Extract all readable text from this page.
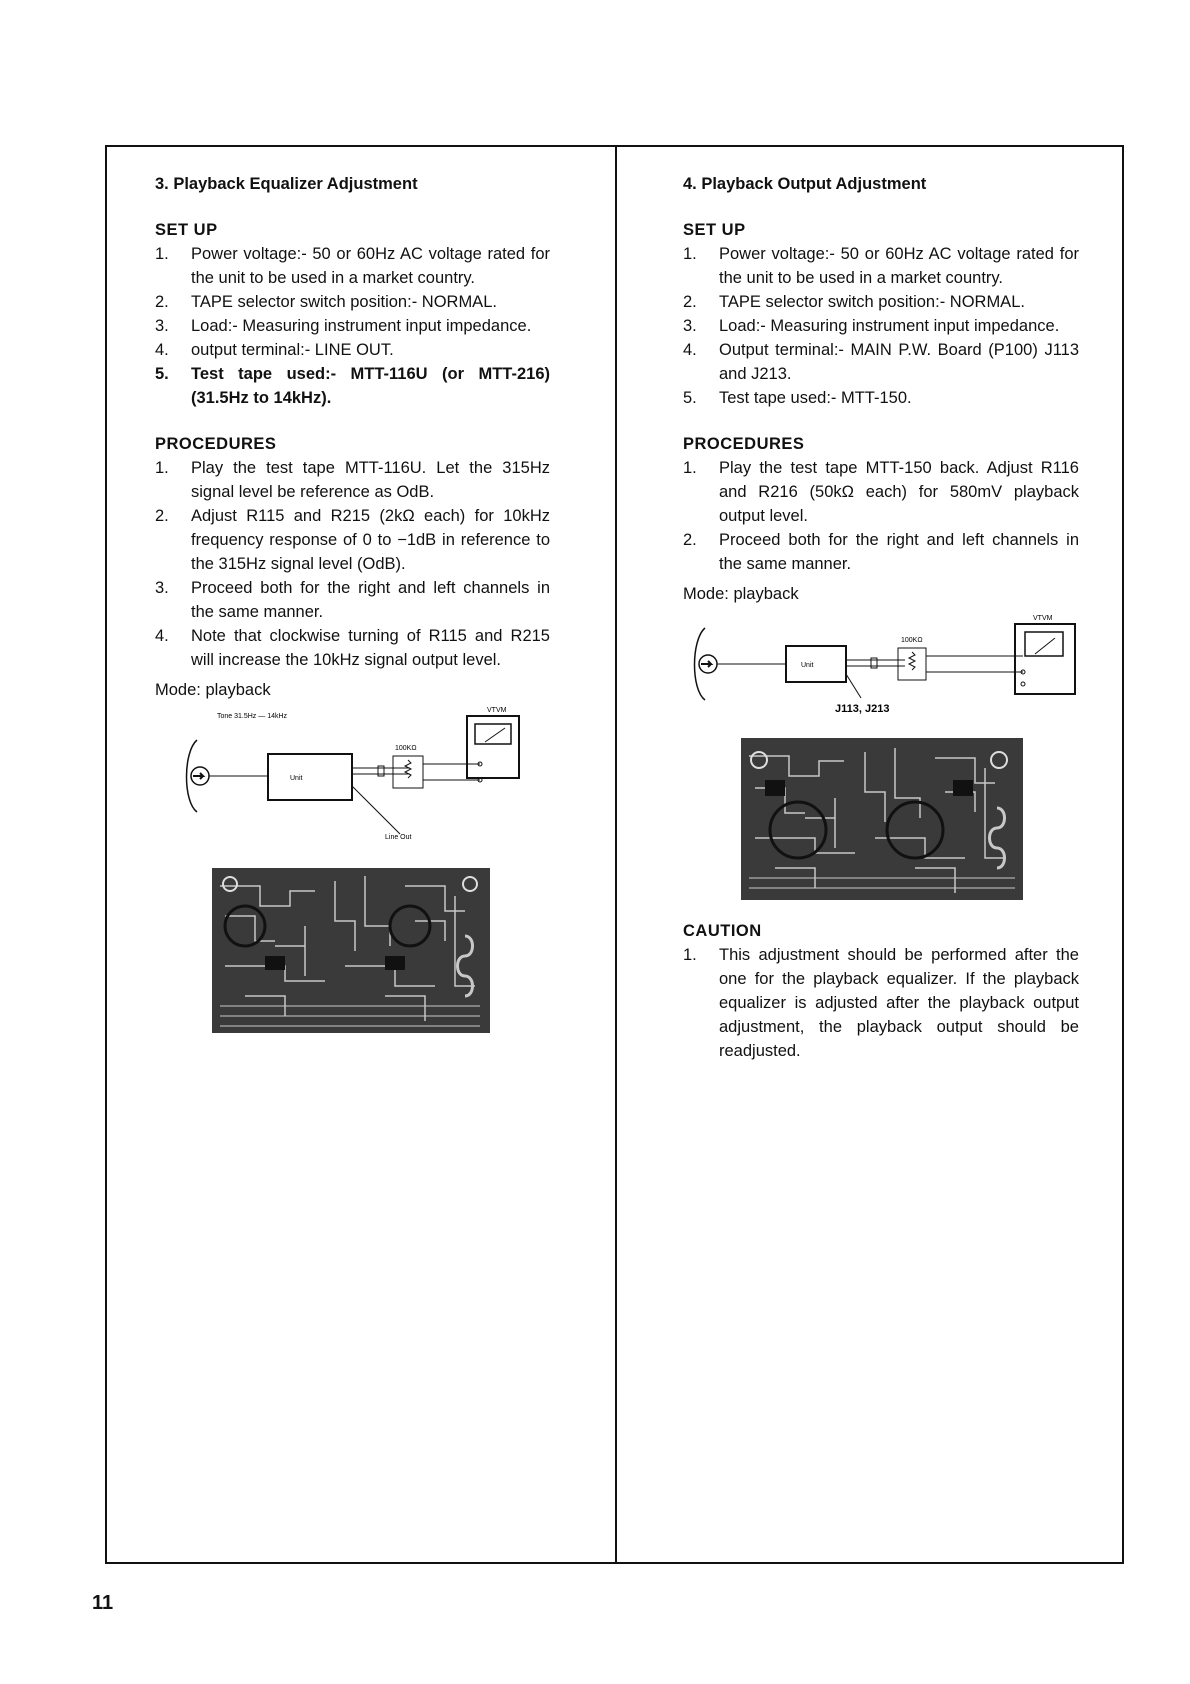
3. Playback Equalizer Adjustment
SET UP
1. Power voltage:- 50 or 60Hz AC voltage rated for the unit to be used in a market country.
2. TAPE selector switch position:- NORMAL.
3. Load:- Measuring instrument input impedance.
4. output terminal:- LINE OUT.
5. Test tape used:- MTT-116U (or MTT-216) (31.5Hz to 14kHz).
PROCEDURES
1. Play the test tape MTT-116U. Let the 315Hz signal level be reference as OdB.
2. Adjust R115 and R215 (2kΩ each) for 10kHz frequency response of 0 to −1dB in reference to the 315Hz signal level (OdB).
3. Proceed both for the right and left channels in the same manner.
4. Note that clockwise turning of R115 and R215 will increase the 10kHz signal output level.
Mode: playback
Tone 31.5Hz — 14kHz
VTVM
Unit
Line Out
100KΩ
4. Playback Output Adjustment
SET UP
1. Power voltage:- 50 or 60Hz AC voltage rated for the unit to be used in a market country.
2. TAPE selector switch position:- NORMAL.
3. Load:- Measuring instrument input impedance.
4. Output terminal:- MAIN P.W. Board (P100) J113 and J213.
5. Test tape used:- MTT-150.
PROCEDURES
1. Play the test tape MTT-150 back. Adjust R116 and R216 (50kΩ each) for 580mV playback output level.
2. Proceed both for the right and left channels in the same manner.
Mode: playback
VTVM
Unit
J113, J213
100KΩ
CAUTION
1. This adjustment should be performed after the one for the playback equalizer. If the playback equalizer is adjusted after the playback output adjustment, the playback output should be readjusted.
11
